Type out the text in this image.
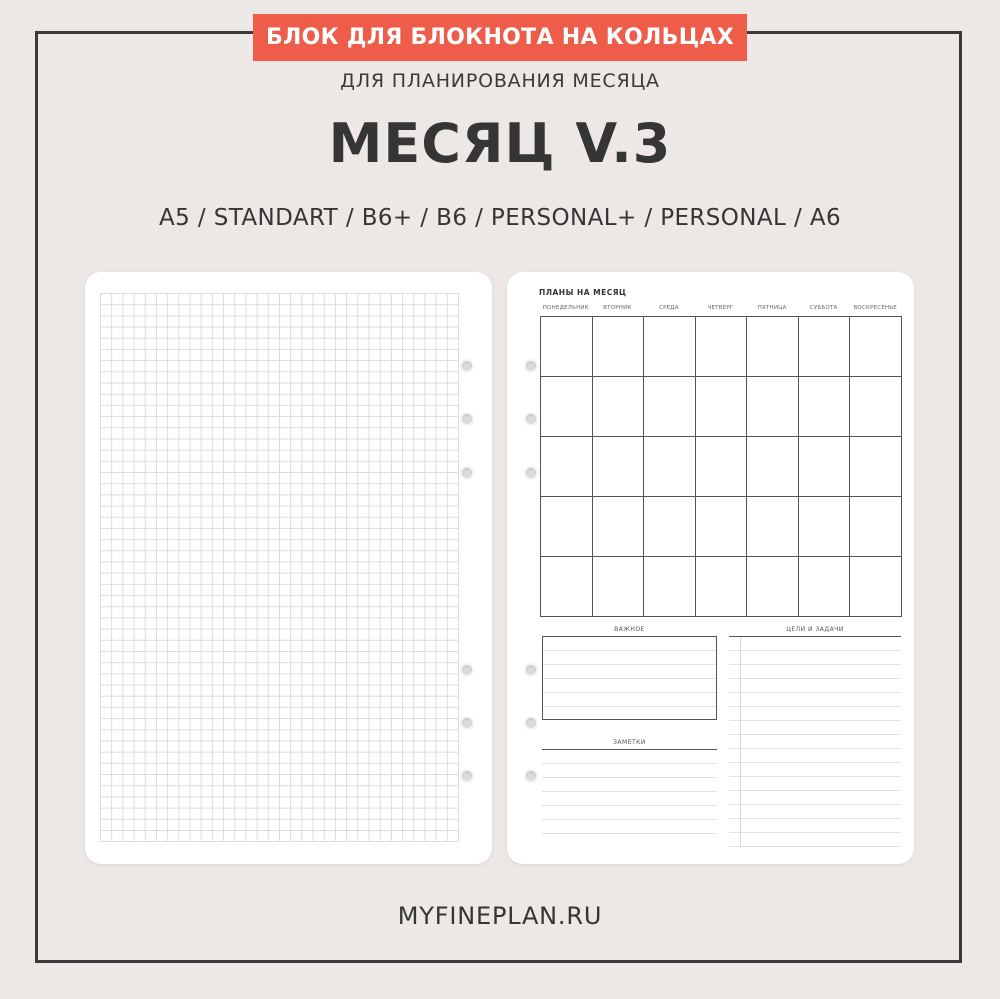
БЛОК ДЛЯ БЛОКНОТА НА КОЛЬЦАХ
ДЛЯ ПЛАНИРОВАНИЯ МЕСЯЦА
МЕСЯЦ V.3
A5 / STANDART / B6+ / B6 / PERSONAL+ / PERSONAL / A6
ПЛАНЫ НА МЕСЯЦ
ПОНЕДЕЛЬНИК	ВТОРНИК	СРЕДА	ЧЕТВЕРГ	ПЯТНИЦА	СУББОТА	ВОСКРЕСЕНЬЕ
ВАЖНОЕ	ЦЕЛИ И ЗАДАЧИ
ЗАМЕТКИ
MYFINEPLAN.RU
